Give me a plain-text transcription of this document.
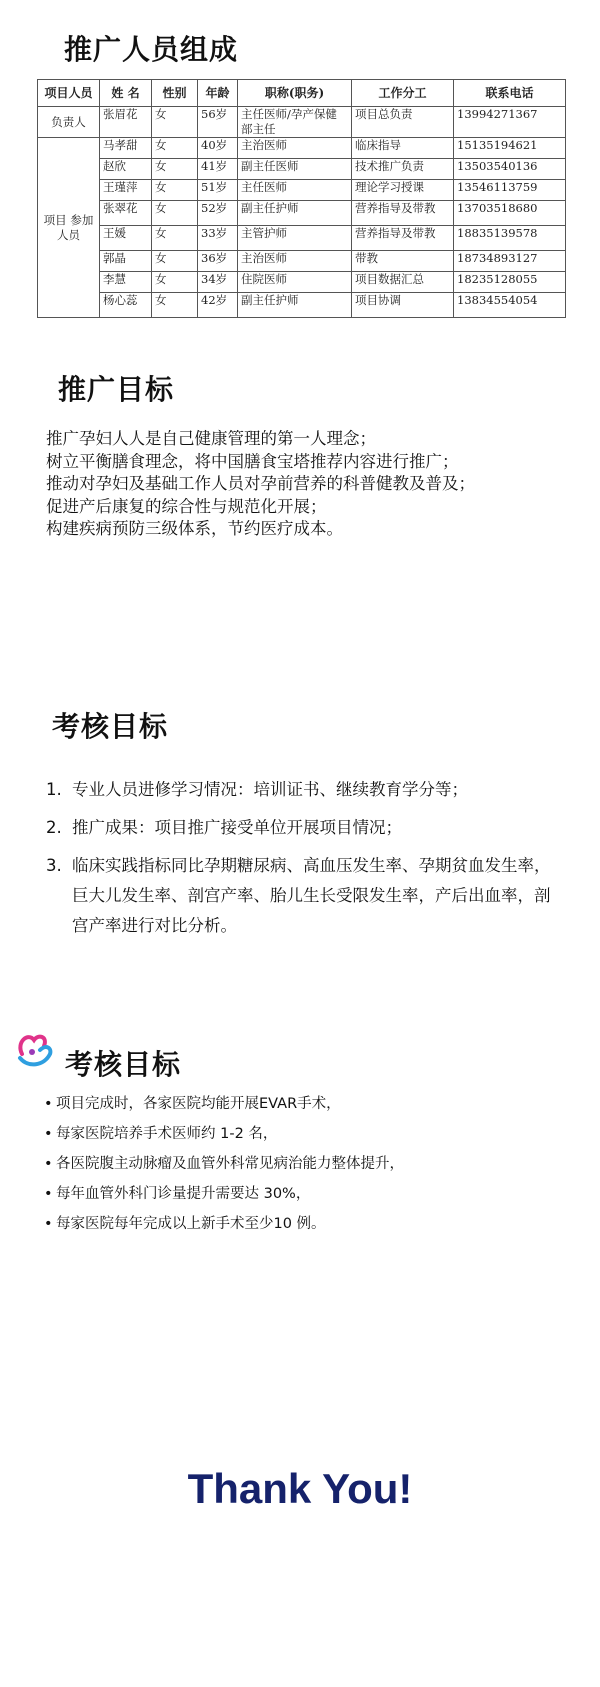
推广人员组成
项目人员	姓 名	性别	年龄	职称(职务)	工作分工	联系电话
负责人	张眉花	女	56岁	主任医师/孕产保健部主任	项目总负责	13994271367
项目 参加人员	马孝甜	女	40岁	主治医师	临床指导	15135194621
	赵欣	女	41岁	副主任医师	技术推广负责	13503540136
	王瑾萍	女	51岁	主任医师	理论学习授课	13546113759
	张翠花	女	52岁	副主任护师	营养指导及带教	13703518680
	王媛	女	33岁	主管护师	营养指导及带教	18835139578
	郭晶	女	36岁	主治医师	带教	18734893127
	李慧	女	34岁	住院医师	项目数据汇总	18235128055
	杨心蕊	女	42岁	副主任护师	项目协调	13834554054
推广目标
推广孕妇人人是自己健康管理的第一人理念；
树立平衡膳食理念，将中国膳食宝塔推荐内容进行推广；
推动对孕妇及基础工作人员对孕前营养的科普健教及普及；
促进产后康复的综合性与规范化开展；
构建疾病预防三级体系，节约医疗成本。
考核目标
1. 专业人员进修学习情况：培训证书、继续教育学分等；
2. 推广成果：项目推广接受单位开展项目情况；
3. 临床实践指标同比孕期糖尿病、高血压发生率、孕期贫血发生率，巨大儿发生率、剖宫产率、胎儿生长受限发生率，产后出血率，剖宫产率进行对比分析。
考核目标
• 项目完成时，各家医院均能开展EVAR手术，
• 每家医院培养手术医师约 1-2 名，
• 各医院腹主动脉瘤及血管外科常见病治能力整体提升，
• 每年血管外科门诊量提升需要达 30%，
• 每家医院每年完成以上新手术至少10 例。
Thank You!
